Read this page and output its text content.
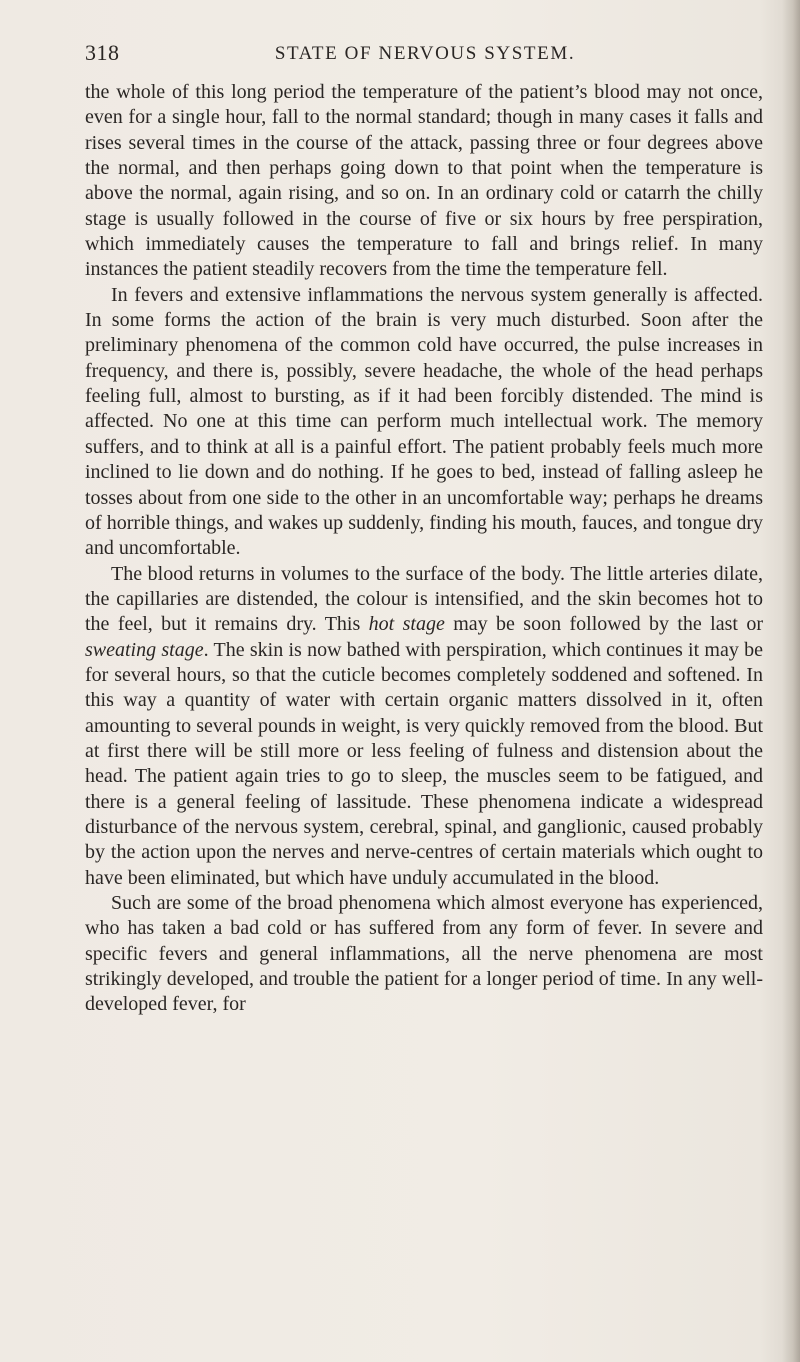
318	STATE OF NERVOUS SYSTEM.

the whole of this long period the temperature of the patient’s blood may not once, even for a single hour, fall to the normal standard; though in many cases it falls and rises several times in the course of the attack, passing three or four degrees above the normal, and then perhaps going down to that point when the temperature is above the normal, again rising, and so on. In an ordinary cold or catarrh the chilly stage is usually followed in the course of five or six hours by free perspiration, which immediately causes the temperature to fall and brings relief. In many instances the patient steadily recovers from the time the temperature fell.

In fevers and extensive inflammations the nervous system generally is affected. In some forms the action of the brain is very much disturbed. Soon after the preliminary phenomena of the common cold have occurred, the pulse increases in frequency, and there is, possibly, severe headache, the whole of the head perhaps feeling full, almost to bursting, as if it had been forcibly distended. The mind is affected. No one at this time can perform much intellectual work. The memory suffers, and to think at all is a painful effort. The patient probably feels much more inclined to lie down and do nothing. If he goes to bed, instead of falling asleep he tosses about from one side to the other in an uncomfortable way; perhaps he dreams of horrible things, and wakes up suddenly, finding his mouth, fauces, and tongue dry and uncomfortable.

The blood returns in volumes to the surface of the body. The little arteries dilate, the capillaries are distended, the colour is intensified, and the skin becomes hot to the feel, but it remains dry. This hot stage may be soon followed by the last or sweating stage. The skin is now bathed with perspiration, which continues it may be for several hours, so that the cuticle becomes completely soddened and softened. In this way a quantity of water with certain organic matters dissolved in it, often amounting to several pounds in weight, is very quickly removed from the blood. But at first there will be still more or less feeling of fulness and distension about the head. The patient again tries to go to sleep, the muscles seem to be fatigued, and there is a general feeling of lassitude. These phenomena indicate a widespread disturbance of the nervous system, cerebral, spinal, and ganglionic, caused probably by the action upon the nerves and nerve-centres of certain materials which ought to have been eliminated, but which have unduly accumulated in the blood.

Such are some of the broad phenomena which almost everyone has experienced, who has taken a bad cold or has suffered from any form of fever. In severe and specific fevers and general inflammations, all the nerve phenomena are most strikingly developed, and trouble the patient for a longer period of time. In any well-developed fever, for
